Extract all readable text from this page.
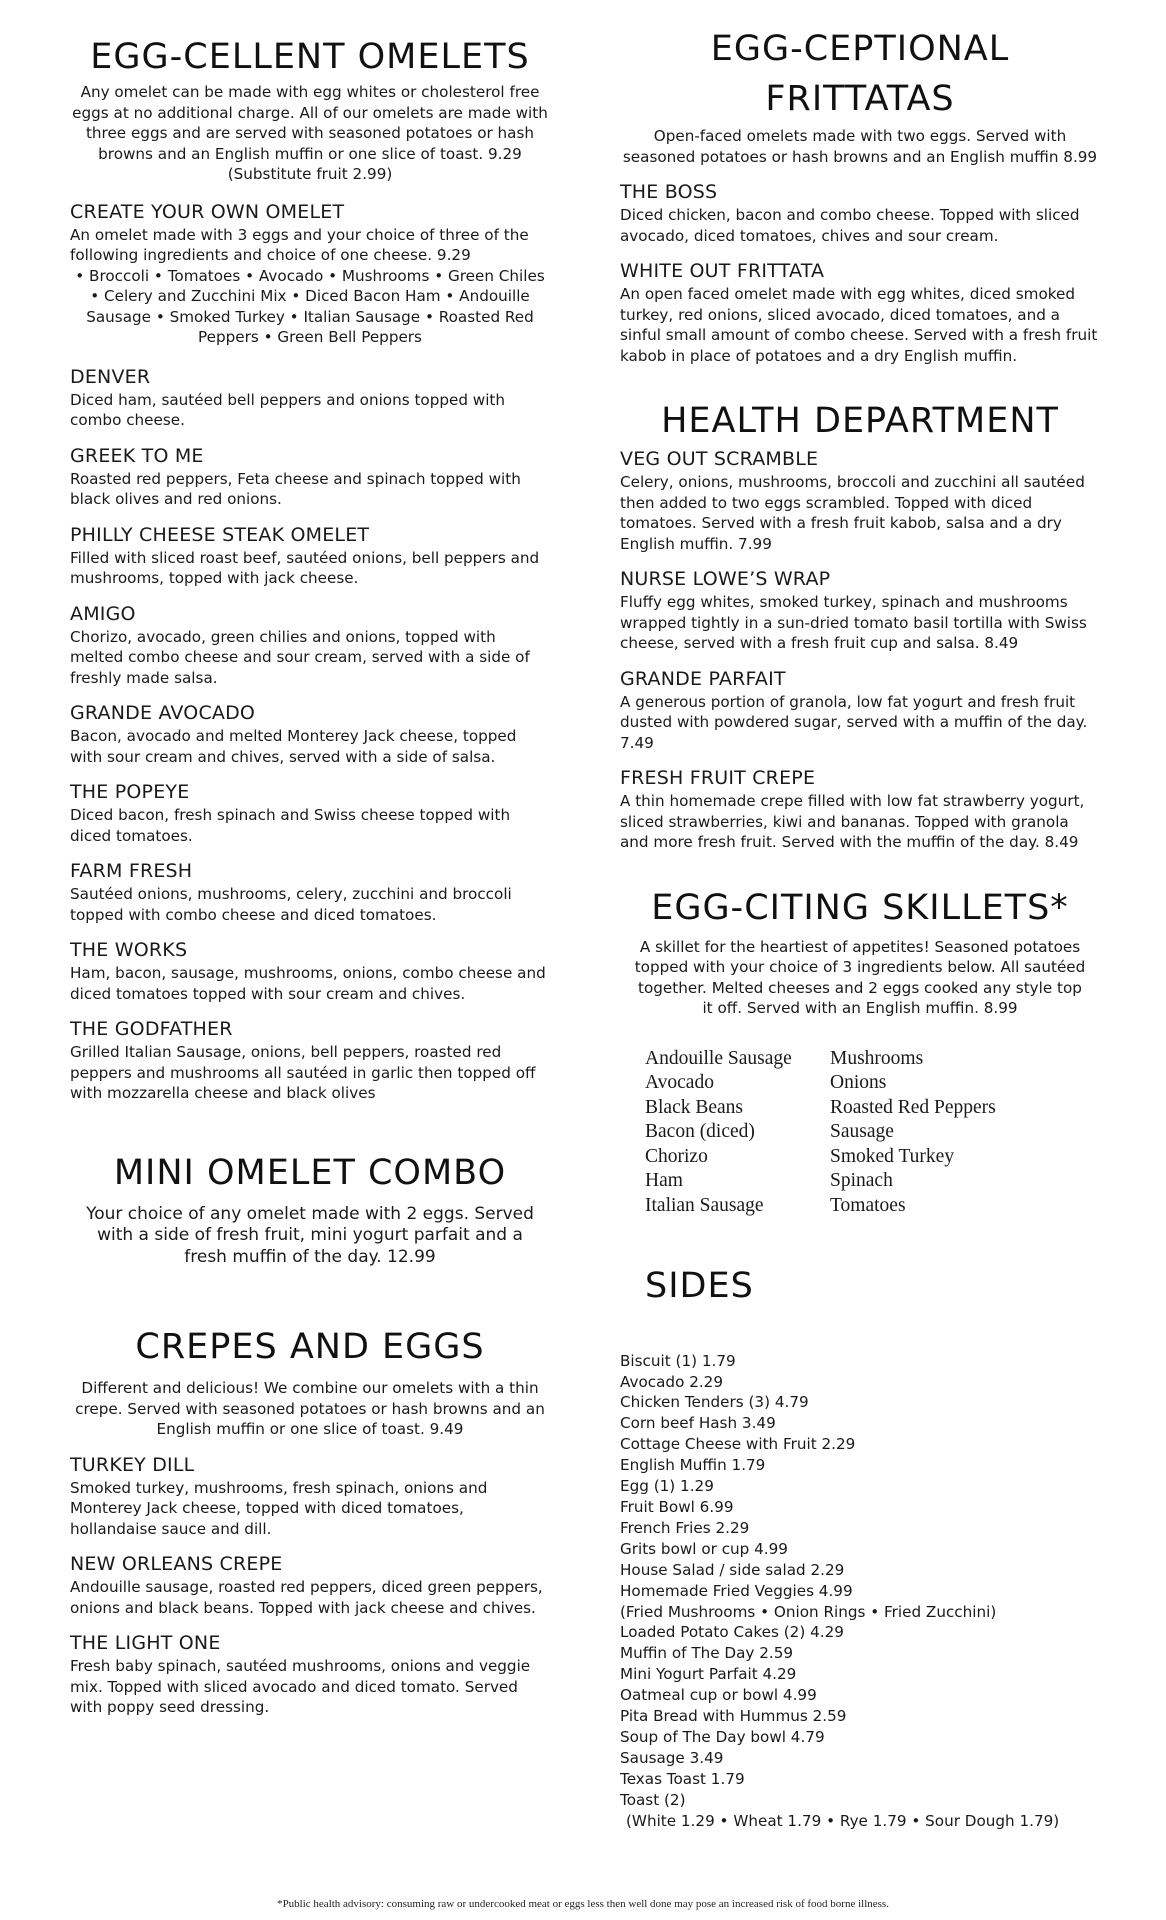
EGG-CELLENT OMELETS

Any omelet can be made with egg whites or cholesterol free eggs at no additional charge. All of our omelets are made with three eggs and are served with seasoned potatoes or hash browns and an English muffin or one slice of toast. 9.29 (Substitute fruit 2.99)

CREATE YOUR OWN OMELET

An omelet made with 3 eggs and your choice of three of the following ingredients and choice of one cheese. 9.29

• Broccoli • Tomatoes • Avocado • Mushrooms • Green Chiles • Celery and Zucchini Mix • Diced Bacon Ham • Andouille Sausage • Smoked Turkey • Italian Sausage • Roasted Red Peppers • Green Bell Peppers

DENVER

Diced ham, sautéed bell peppers and onions topped with combo cheese.

GREEK TO ME

Roasted red peppers, Feta cheese and spinach topped with black olives and red onions.

PHILLY CHEESE STEAK OMELET

Filled with sliced roast beef, sautéed onions, bell peppers and mushrooms, topped with jack cheese.

AMIGO

Chorizo, avocado, green chilies and onions, topped with melted combo cheese and sour cream, served with a side of freshly made salsa.

GRANDE AVOCADO

Bacon, avocado and melted Monterey Jack cheese, topped with sour cream and chives, served with a side of salsa.

THE POPEYE

Diced bacon, fresh spinach and Swiss cheese topped with diced tomatoes.

FARM FRESH

Sautéed onions, mushrooms, celery, zucchini and broccoli topped with combo cheese and diced tomatoes.

THE WORKS

Ham, bacon, sausage, mushrooms, onions, combo cheese and diced tomatoes topped with sour cream and chives.

THE GODFATHER

Grilled Italian Sausage, onions, bell peppers, roasted red peppers and mushrooms all sautéed in garlic then topped off with mozzarella cheese and black olives

MINI OMELET COMBO

Your choice of any omelet made with 2 eggs. Served with a side of fresh fruit, mini yogurt parfait and a fresh muffin of the day. 12.99

CREPES AND EGGS

Different and delicious! We combine our omelets with a thin crepe. Served with seasoned potatoes or hash browns and an English muffin or one slice of toast. 9.49

TURKEY DILL

Smoked turkey, mushrooms, fresh spinach, onions and Monterey Jack cheese, topped with diced tomatoes, hollandaise sauce and dill.

NEW ORLEANS CREPE

Andouille sausage, roasted red peppers, diced green peppers, onions and black beans. Topped with jack cheese and chives.

THE LIGHT ONE

Fresh baby spinach, sautéed mushrooms, onions and veggie mix. Topped with sliced avocado and diced tomato. Served with poppy seed dressing.

EGG-CEPTIONAL
FRITTATAS

Open-faced omelets made with two eggs. Served with seasoned potatoes or hash browns and an English muffin 8.99

THE BOSS

Diced chicken, bacon and combo cheese. Topped with sliced avocado, diced tomatoes, chives and sour cream.

WHITE OUT FRITTATA

An open faced omelet made with egg whites, diced smoked turkey, red onions, sliced avocado, diced tomatoes, and a sinful small amount of combo cheese. Served with a fresh fruit kabob in place of potatoes and a dry English muffin.

HEALTH DEPARTMENT

VEG OUT SCRAMBLE

Celery, onions, mushrooms, broccoli and zucchini all sautéed then added to two eggs scrambled. Topped with diced tomatoes. Served with a fresh fruit kabob, salsa and a dry English muffin. 7.99

NURSE LOWE’S WRAP

Fluffy egg whites, smoked turkey, spinach and mushrooms wrapped tightly in a sun-dried tomato basil tortilla with Swiss cheese, served with a fresh fruit cup and salsa. 8.49

GRANDE PARFAIT

A generous portion of granola, low fat yogurt and fresh fruit dusted with powdered sugar, served with a muffin of the day. 7.49

FRESH FRUIT CREPE

A thin homemade crepe filled with low fat strawberry yogurt, sliced strawberries, kiwi and bananas. Topped with granola and more fresh fruit. Served with the muffin of the day. 8.49

EGG-CITING SKILLETS*

A skillet for the heartiest of appetites! Seasoned potatoes topped with your choice of 3 ingredients below. All sautéed together. Melted cheeses and 2 eggs cooked any style top it off. Served with an English muffin. 8.99

Andouille Sausage
Avocado
Black Beans
Bacon (diced)
Chorizo
Ham
Italian Sausage
Mushrooms
Onions
Roasted Red Peppers
Sausage
Smoked Turkey
Spinach
Tomatoes
SIDES
Biscuit (1) 1.79
Avocado 2.29
Chicken Tenders (3) 4.79
Corn beef Hash 3.49
Cottage Cheese with Fruit 2.29
English Muffin 1.79
Egg (1) 1.29
Fruit Bowl 6.99
French Fries 2.29
Grits bowl or cup 4.99
House Salad / side salad 2.29
Homemade Fried Veggies 4.99
(Fried Mushrooms • Onion Rings • Fried Zucchini)
Loaded Potato Cakes (2) 4.29
Muffin of The Day 2.59
Mini Yogurt Parfait 4.29
Oatmeal cup or bowl 4.99
Pita Bread with Hummus 2.59
Soup of The Day bowl 4.79
Sausage 3.49
Texas Toast 1.79
Toast (2)
(White 1.29 • Wheat 1.79 • Rye 1.79 • Sour Dough 1.79)
*Public health advisory: consuming raw or undercooked meat or eggs less then well done may pose an increased risk of food borne illness.
